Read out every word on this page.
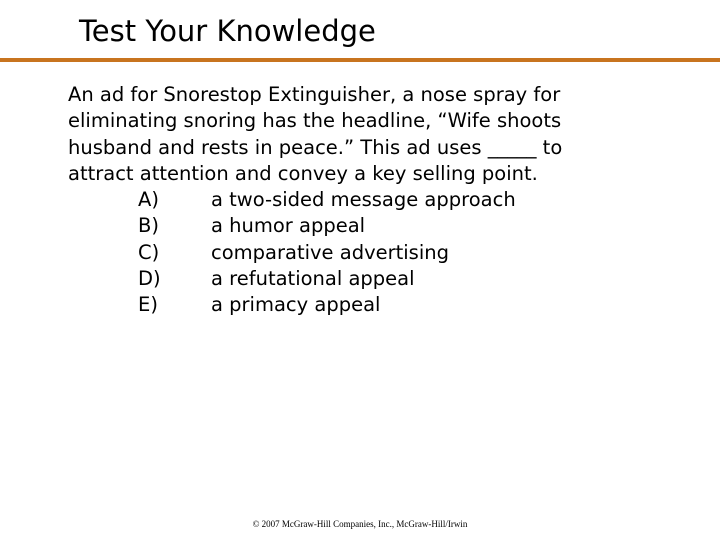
Test Your Knowledge
An ad for Snorestop Extinguisher, a nose spray for
eliminating snoring has the headline, “Wife shoots
husband and rests in peace.” This ad uses _____ to
attract attention and convey a key selling point.
A)	a two-sided message approach
B)	a humor appeal
C)	comparative advertising
D)	a refutational appeal
E)	a primacy appeal
© 2007 McGraw-Hill Companies, Inc., McGraw-Hill/Irwin
